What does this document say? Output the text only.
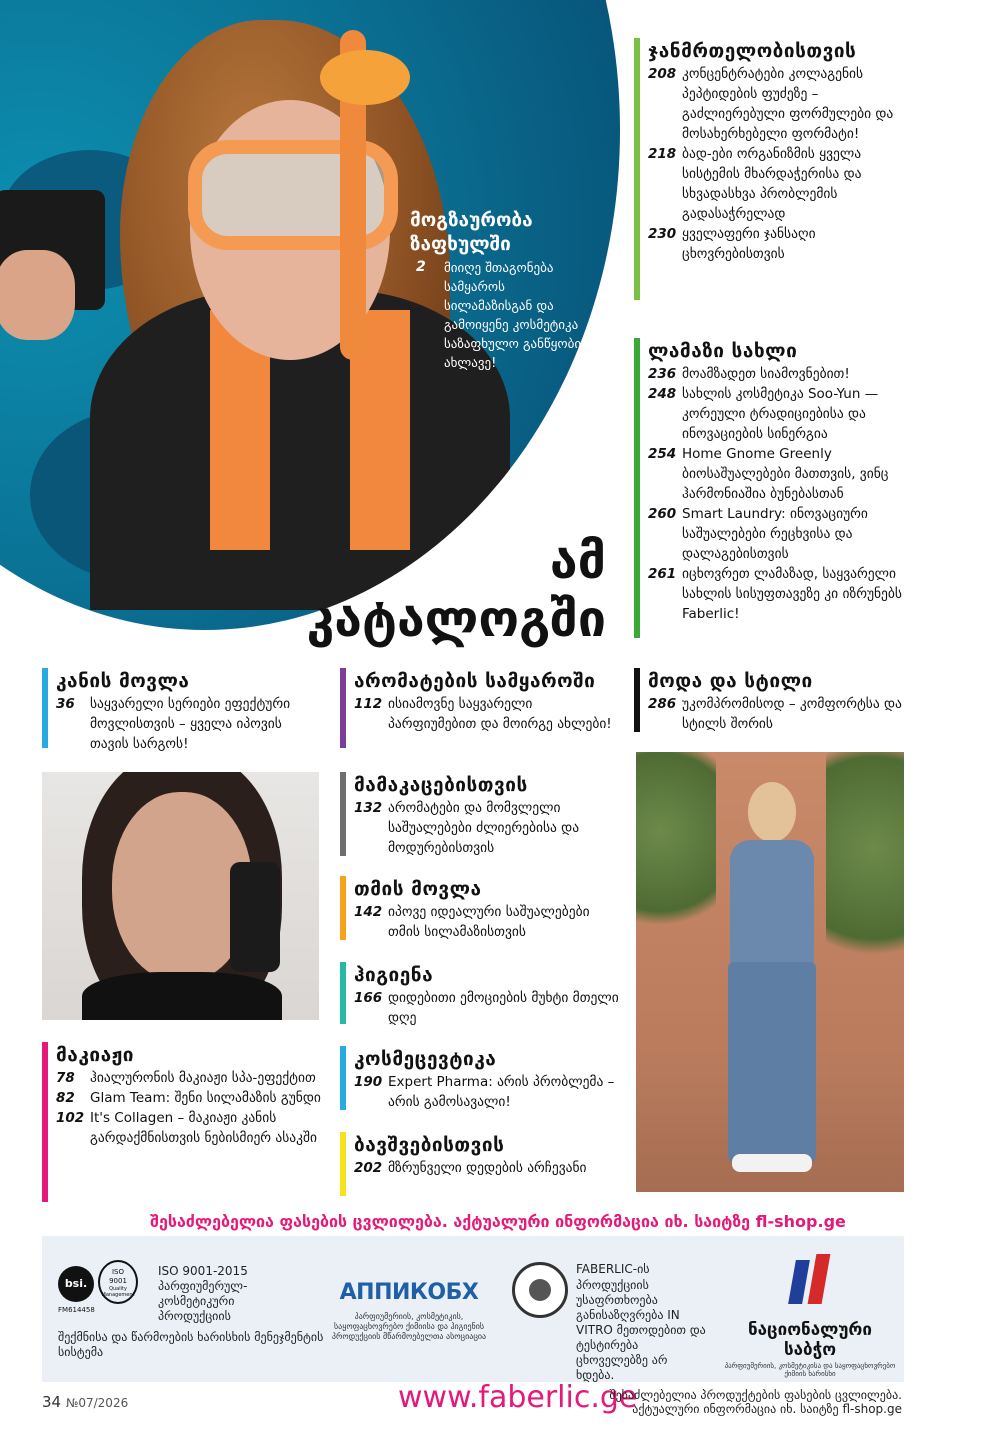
მოგზაურობა
ზაფხულში
2 მიიღე შთაგონება სამყაროს სილამაზისგან და გამოიყენე კოსმეტიკა საზაფხულო განწყობით ახლავე!
ამ
კატალოგში
ჯანმრთელობისთვის
208 კონცენტრატები კოლაგენის პეპტიდების ფუძეზე – გაძლიერებული ფორმულები და მოსახერხებელი ფორმატი!
218 ბად-ები ორგანიზმის ყველა სისტემის მხარდაჭერისა და სხვადასხვა პრობლემის გადასაჭრელად
230 ყველაფერი ჯანსაღი ცხოვრებისთვის
ლამაზი სახლი
236 მოამზადეთ სიამოვნებით!
248 სახლის კოსმეტიკა Soo-Yun — კორეული ტრადიციებისა და ინოვაციების სინერგია
254 Home Gnome Greenly ბიოსაშუალებები მათთვის, ვინც ჰარმონიაშია ბუნებასთან
260 Smart Laundry: ინოვაციური საშუალებები რეცხვისა და დალაგებისთვის
261 იცხოვრეთ ლამაზად, საყვარელი სახლის სისუფთავეზე კი იზრუნებს Faberlic!
კანის მოვლა
36	საყვარელი სერიები ეფექტური მოვლისთვის – ყველა იპოვის თავის სარგოს!
არომატების სამყაროში
112 ისიამოვნე საყვარელი პარფიუმებით და მოირგე ახლები!
მოდა და სტილი
286 უკომპრომისოდ – კომფორტსა და სტილს შორის
მამაკაცებისთვის
132 არომატები და მომვლელი საშუალებები ძლიერებისა და მოდურებისთვის
თმის მოვლა
142 იპოვე იდეალური საშუალებები თმის სილამაზისთვის
ჰიგიენა
166 დიდებითი ემოციების მუხტი მთელი დღე
მაკიაჟი
78	ჰიალურონის მაკიაჟი სპა-ეფექტით
82	Glam Team: შენი სილამაზის გუნდი
102 It's Collagen – მაკიაჟი კანის გარდაქმნისთვის ნებისმიერ ასაკში
კოსმეცევტიკა
190 Expert Pharma: არის პრობლემა – არის გამოსავალი!
ბავშვებისთვის
202 მზრუნველი დედების არჩევანი
შესაძლებელია ფასების ცვლილება. აქტუალური ინფორმაცია იხ. საიტზე fl-shop.ge
bsi.
ISO
9001
Quality Management
FM614458
ISO 9001-2015
პარფიუმერულ-კოსმეტიკური პროდუქციის
შექმნისა და წარმოების ხარისხის მენეჯმენტის სისტემა
АППИКОБХ
პარფიუმერიის, კოსმეტიკის, საყოფაცხოვრებო ქიმიისა და ჰიგიენის პროდუქციის მწარმოებელთა ასოციაცია
FABERLIC-ის
პროდუქციის უსაფრთხოება განისაზღვრება IN VITRO მეთოდებით და ტესტირება ცხოველებზე არ ხდება.
ნაციონალური
საბჭო
პარფიუმერიის, კოსმეტიკისა და საყოფაცხოვრებო ქიმიის ხარისხი
34 №07/2026	www.faberlic.ge
შესაძლებელია პროდუქტების ფასების ცვლილება.
აქტუალური ინფორმაცია იხ. საიტზე fl-shop.ge
